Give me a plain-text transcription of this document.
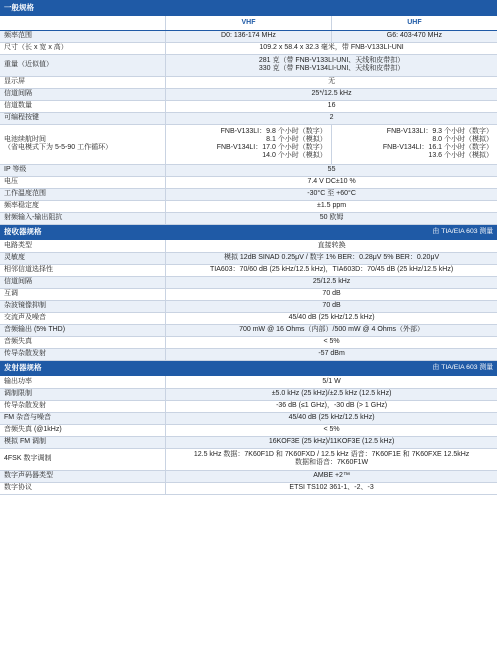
一般规格		
	VHF	UHF
频率范围	D0: 136-174 MHz	G6: 403-470 MHz
尺寸（长 x 宽 x 高）	109.2 x 58.4 x 32.3 毫米，带 FNB-V133LI-UNI	
重量（近似值）	281 克（带 FNB-V133LI-UNI、天线和皮带扣）
330 克（带 FNB-V134LI-UNI、天线和皮带扣）	

显示屏	无	
信道间隔	25*/12.5 kHz	
信道数量	16	
可编程按键	2	

电池续航时间
（省电模式下为 5-5-90 工作循环）	FNB-V133LI：9.8 个小时（数字）
8.1 个小时（模拟）
FNB-V134LI：17.0 个小时（数字）
14.0 个小时（模拟）	FNB-V133LI：9.3 个小时（数字）
8.0 个小时（模拟）
FNB-V134LI：16.1 个小时（数字）
13.6 个小时（模拟）

IP 等级	55	
电压	7.4 V DC±10 %	
工作温度范围	-30°C 至 +60°C	
频率稳定度	±1.5 ppm	
射频输入-输出阻抗	50 欧姆	
接收器规格	由 TIA/EIA 603 测量	
电路类型	直接转换	
灵敏度	模拟 12dB SINAD 0.25μV / 数字 1% BER：0.28μV 5% BER：0.20μV	
相邻信道选择性	TIA603：70/60 dB (25 kHz/12.5 kHz)，TIA603D：70/45 dB (25 kHz/12.5 kHz)	
信道间隔	25/12.5 kHz	
互调	70 dB	
杂波镜像抑制	70 dB	
交流声及噪音	45/40 dB (25 kHz/12.5 kHz)	
音频输出 (5% THD)	700 mW @ 16 Ohms（内部）/500 mW @ 4 Ohms（外部）	
音频失真	< 5%	
传导杂散发射	-57 dBm	
发射器规格	由 TIA/EIA 603 测量	
输出功率	5/1 W	
调制限制	±5.0 kHz (25 kHz)/±2.5 kHz (12.5 kHz)	
传导杂散发射	-36 dB (≤1 GHz)，-30 dB (> 1 GHz)	
FM 杂音与噪音	45/40 dB (25 kHz/12.5 kHz)	
音频失真 (@1kHz)	< 5%	
模拟 FM 调制	16KOF3E (25 kHz)/11KOF3E (12.5 kHz)	
4FSK 数字调制	12.5 kHz 数据：7K60F1D 和 7K60FXD / 12.5 kHz 语音：7K60F1E 和 7K60FXE 12.5kHz
数据和语音：7K60F1W	

数字声码器类型	AMBE +2™	
数字协议	ETSI TS102 361-1、-2、-3	
